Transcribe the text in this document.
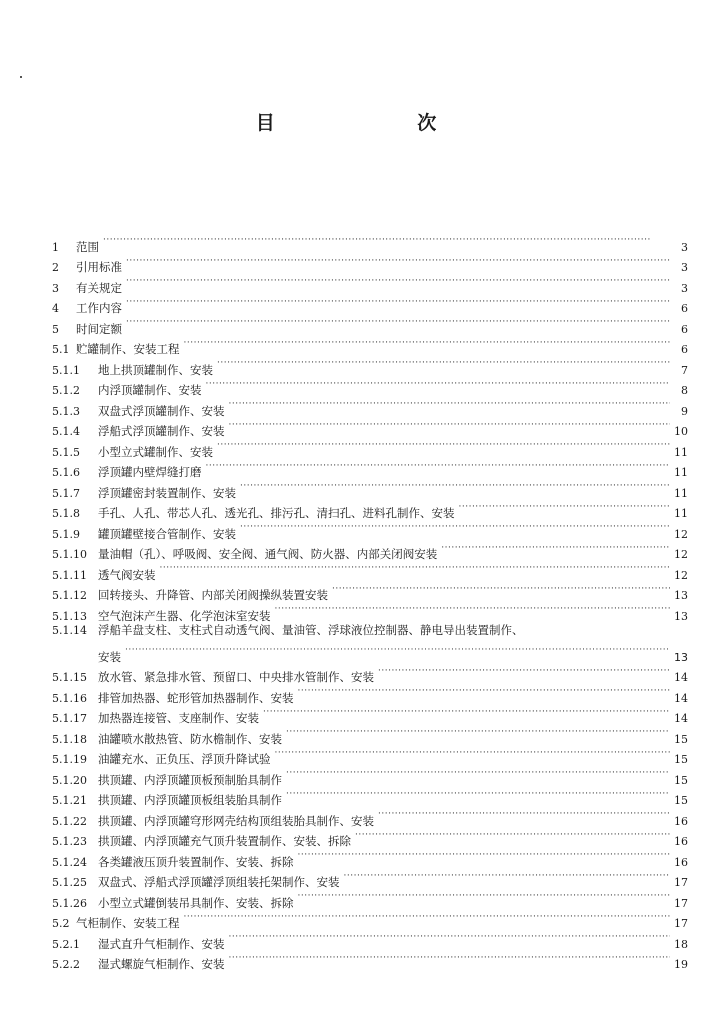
目 次
1	范围 ·····	3
2	引用标准 ·····	3
3	有关规定 ·····	3
4	工作内容 ·····	6
5	时间定额 ·····	6
5.1 贮罐制作、安装工程 ·····	6
5.1.1	地上拱顶罐制作、安装 ·····	7
5.1.2	内浮顶罐制作、安装 ·····	8
5.1.3	双盘式浮顶罐制作、安装 ·····	9
5.1.4	浮船式浮顶罐制作、安装 ·····	10
5.1.5	小型立式罐制作、安装 ·····	11
5.1.6	浮顶罐内壁焊缝打磨 ·····	11
5.1.7	浮顶罐密封装置制作、安装 ·····	11
5.1.8	手孔、人孔、带芯人孔、透光孔、排污孔、清扫孔、进料孔制作、安装 ·····	11
5.1.9	罐顶罐壁接合管制作、安装 ·····	12
5.1.10 量油帽（孔）、呼吸阀、安全阀、通气阀、防火器、内部关闭阀安装 ·····	12
5.1.11 透气阀安装 ·····	12
5.1.12 回转接头、升降管、内部关闭阀操纵装置安装 ·····	13
5.1.13 空气泡沫产生器、化学泡沫室安装 ·····	13
5.1.14 浮船羊盘支柱、支柱式自动透气阀、量油管、浮球液位控制器、静电导出装置制作、
安装 ·····	13
5.1.15 放水管、紧急排水管、预留口、中央排水管制作、安装 ·····	14
5.1.16 排管加热器、蛇形管加热器制作、安装 ·····	14
5.1.17 加热器连接管、支座制作、安装 ·····	14
5.1.18 油罐喷水散热管、防水檐制作、安装 ·····	15
5.1.19 油罐充水、正负压、浮顶升降试验 ·····	15
5.1.20 拱顶罐、内浮顶罐顶板预制胎具制作 ·····	15
5.1.21 拱顶罐、内浮顶罐顶板组装胎具制作 ·····	15
5.1.22 拱顶罐、内浮顶罐穹形网壳结构顶组装胎具制作、安装 ·····	16
5.1.23 拱顶罐、内浮顶罐充气顶升装置制作、安装、拆除 ·····	16
5.1.24 各类罐液压顶升装置制作、安装、拆除 ·····	16
5.1.25 双盘式、浮船式浮顶罐浮顶组装托架制作、安装 ·····	17
5.1.26 小型立式罐倒装吊具制作、安装、拆除 ·····	17
5.2 气柜制作、安装工程 ·····	17
5.2.1	湿式直升气柜制作、安装 ·····	18
5.2.2	湿式螺旋气柜制作、安装 ·····	19
